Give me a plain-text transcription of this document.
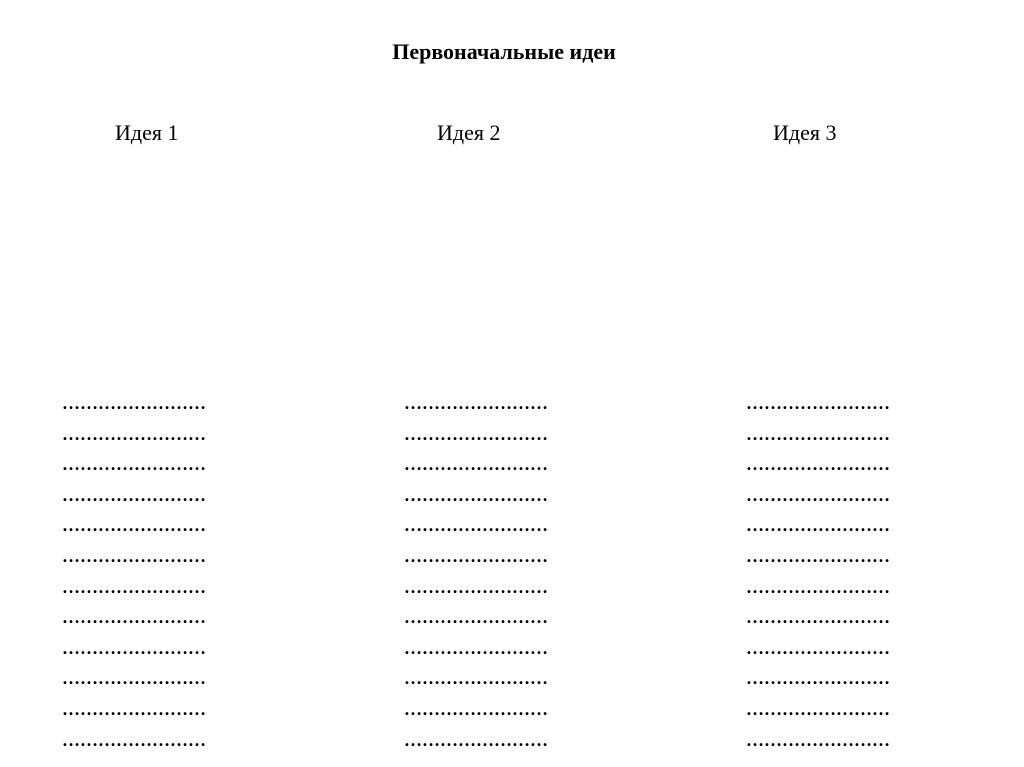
Первоначальные идеи
Идея 1	Идея 2	Идея 3
……………………
……………………
……………………
……………………
……………………
……………………
……………………
……………………
……………………
……………………
……………………
……………………
……………………
……………………
……………………
……………………
……………………
……………………
……………………
……………………
……………………
……………………
……………………
……………………
……………………
……………………
……………………
……………………
……………………
……………………
……………………
……………………
……………………
……………………
……………………
……………………
